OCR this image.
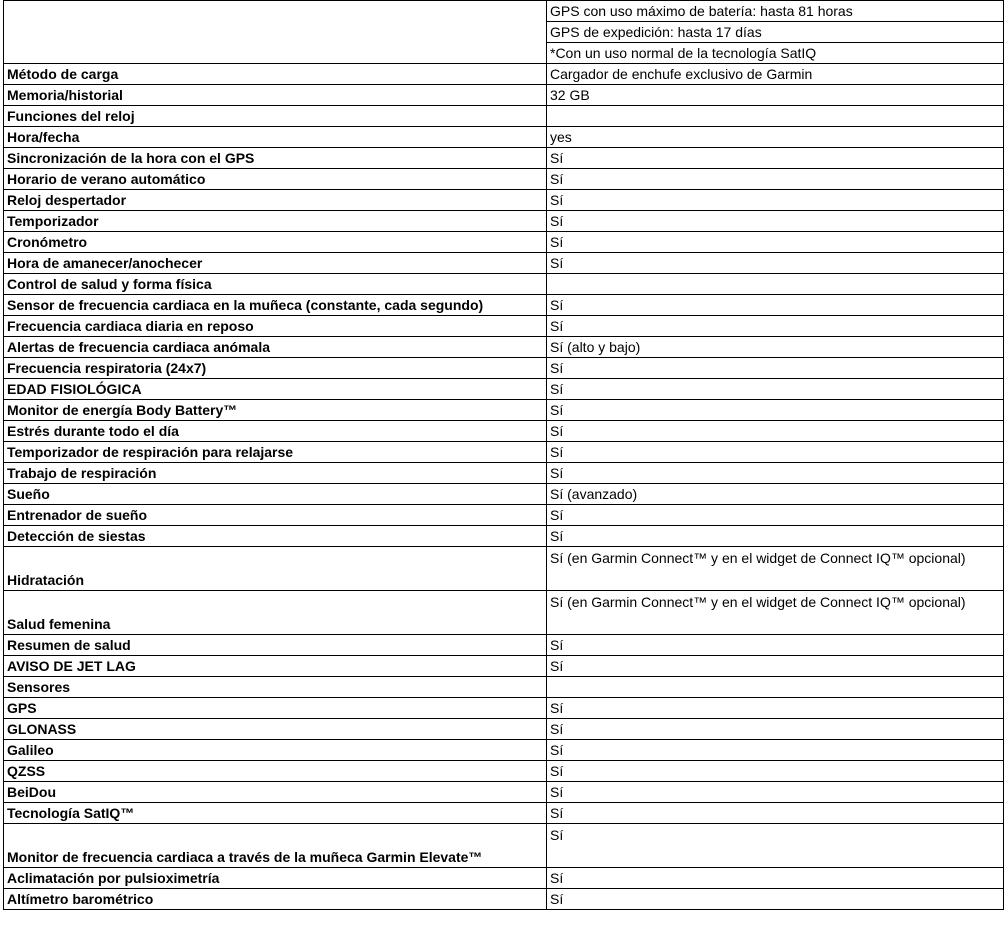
	GPS con uso máximo de batería: hasta 81 horas
	GPS de expedición: hasta 17 días
	*Con un uso normal de la tecnología SatIQ
Método de carga	Cargador de enchufe exclusivo de Garmin
Memoria/historial	32 GB
Funciones del reloj	
Hora/fecha	yes
Sincronización de la hora con el GPS	Sí
Horario de verano automático	Sí
Reloj despertador	Sí
Temporizador	Sí
Cronómetro	Sí
Hora de amanecer/anochecer	Sí
Control de salud y forma física	
Sensor de frecuencia cardiaca en la muñeca (constante, cada segundo)	Sí
Frecuencia cardiaca diaria en reposo	Sí
Alertas de frecuencia cardiaca anómala	Sí (alto y bajo)
Frecuencia respiratoria (24x7)	Sí
EDAD FISIOLÓGICA	Sí
Monitor de energía Body Battery™	Sí
Estrés durante todo el día	Sí
Temporizador de respiración para relajarse	Sí
Trabajo de respiración	Sí
Sueño	Sí (avanzado)
Entrenador de sueño	Sí
Detección de siestas	Sí
Hidratación	Sí (en Garmin Connect™ y en el widget de Connect IQ™ opcional)
Salud femenina	Sí (en Garmin Connect™ y en el widget de Connect IQ™ opcional)
Resumen de salud	Sí
AVISO DE JET LAG	Sí
Sensores	
GPS	Sí
GLONASS	Sí
Galileo	Sí
QZSS	Sí
BeiDou	Sí
Tecnología SatIQ™	Sí
Monitor de frecuencia cardiaca a través de la muñeca Garmin Elevate™	Sí
Aclimatación por pulsioximetría	Sí
Altímetro barométrico	Sí
